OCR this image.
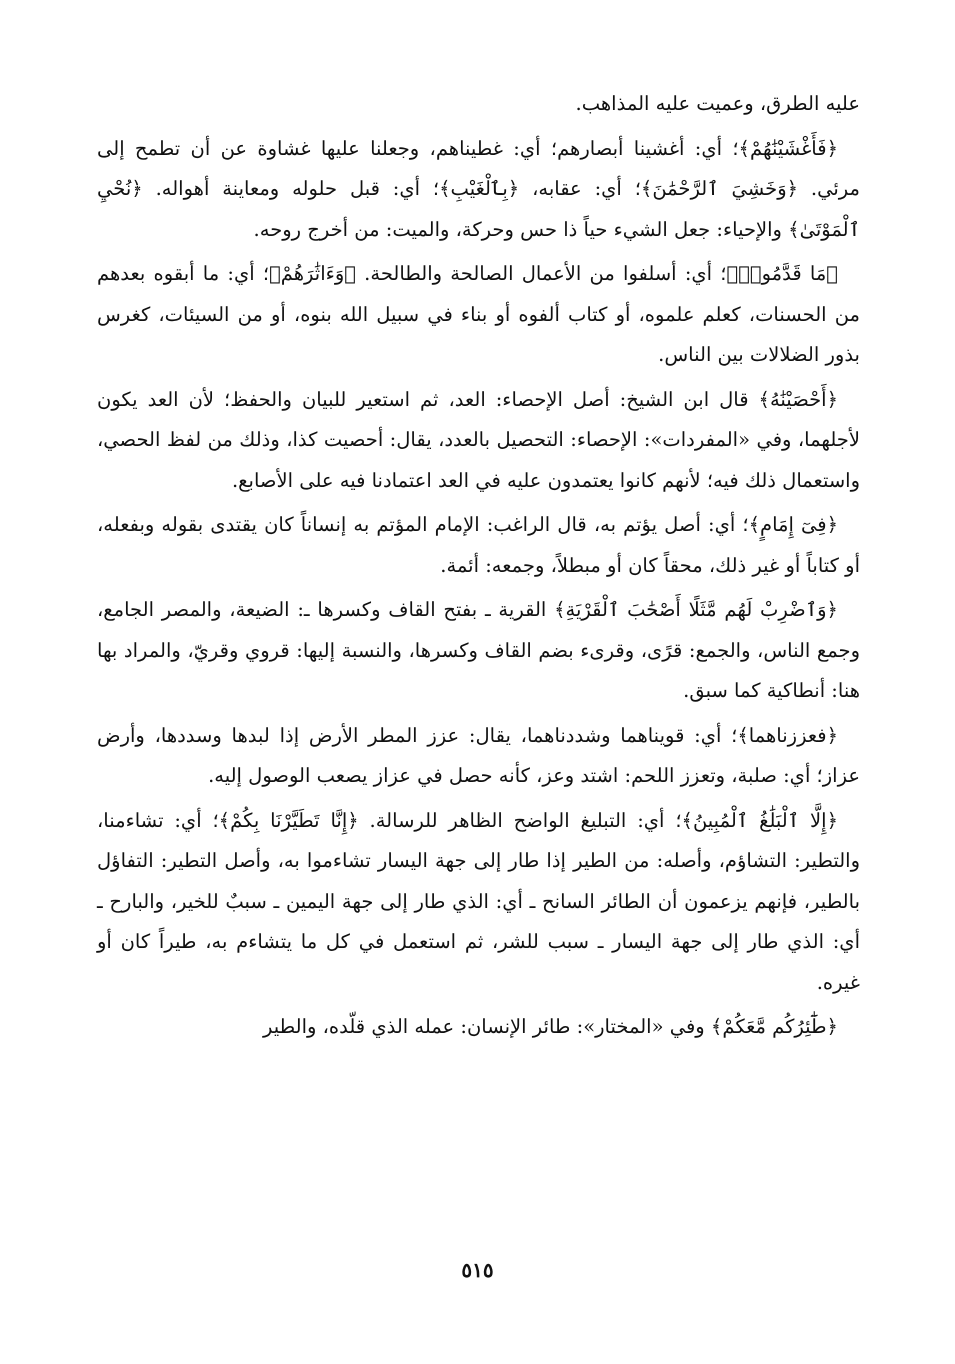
عليه الطرق، وعميت عليه المذاهب.

﴿فَأَغْشَيْنَٰهُمْ﴾؛ أي: أغشينا أبصارهم؛ أي: غطيناهم، وجعلنا عليها غشاوة عن أن تطمح إلى مرئي. ﴿وَخَشِيَ ٱلرَّحْمَٰنَ﴾؛ أي: عقابه، ﴿بِٱلْغَيْبِ﴾؛ أي: قبل حلوله ومعاينة أهواله. ﴿نُحْيِ ٱلْمَوْتَىٰ﴾ والإحياء: جعل الشيء حياً ذا حس وحركة، والميت: من أخرج روحه.

﴿مَا قَدَّمُوا۟﴾؛ أي: أسلفوا من الأعمال الصالحة والطالحة. ﴿وَءَاثَٰرَهُمْ﴾؛ أي: ما أبقوه بعدهم من الحسنات، كعلم علموه، أو كتاب ألفوه أو بناء في سبيل الله بنوه، أو من السيئات، كغرس بذور الضلالات بين الناس.

﴿أَحْصَيْنَٰهُ﴾ قال ابن الشيخ: أصل الإحصاء: العد، ثم استعير للبيان والحفظ؛ لأن العد يكون لأجلهما، وفي «المفردات»: الإحصاء: التحصيل بالعدد، يقال: أحصيت كذا، وذلك من لفظ الحصي، واستعمال ذلك فيه؛ لأنهم كانوا يعتمدون عليه في العد اعتمادنا فيه على الأصابع.

﴿فِىٓ إِمَامٍ﴾؛ أي: أصل يؤتم به، قال الراغب: الإمام المؤتم به إنساناً كان يقتدى بقوله وبفعله، أو كتاباً أو غير ذلك، محقاً كان أو مبطلاً، وجمعه: أئمة.

﴿وَٱضْرِبْ لَهُم مَّثَلًا أَصْحَٰبَ ٱلْقَرْيَةِ﴾ القرية ـ بفتح القاف وكسرها ـ: الضيعة، والمصر الجامع، وجمع الناس، والجمع: قرًى، وقرىء بضم القاف وكسرها، والنسبة إليها: قروي وقريّ، والمراد بها هنا: أنطاكية كما سبق.

﴿فعززناهما﴾؛ أي: قويناهما وشددناهما، يقال: عزز المطر الأرض إذا لبدها وسددها، وأرض عزاز؛ أي: صلبة، وتعزز اللحم: اشتد وعز، كأنه حصل في عزاز يصعب الوصول إليه.

﴿إِلَّا ٱلْبَلَٰغُ ٱلْمُبِينُ﴾؛ أي: التبليغ الواضح الظاهر للرسالة. ﴿إِنَّا تَطَيَّرْنَا بِكُمْ﴾؛ أي: تشاءمنا، والتطير: التشاؤم، وأصله: من الطير إذا طار إلى جهة اليسار تشاءموا به، وأصل التطير: التفاؤل بالطير، فإنهم يزعمون أن الطائر السانح ـ أي: الذي طار إلى جهة اليمين ـ سببٌ للخير، والبارح ـ أي: الذي طار إلى جهة اليسار ـ سبب للشر، ثم استعمل في كل ما يتشاءم به، طيراً كان أو غيره.

﴿طَٰٓئِرُكُم مَّعَكُمْ﴾ وفي «المختار»: طائر الإنسان: عمله الذي قلّده، والطير

٥١٥
